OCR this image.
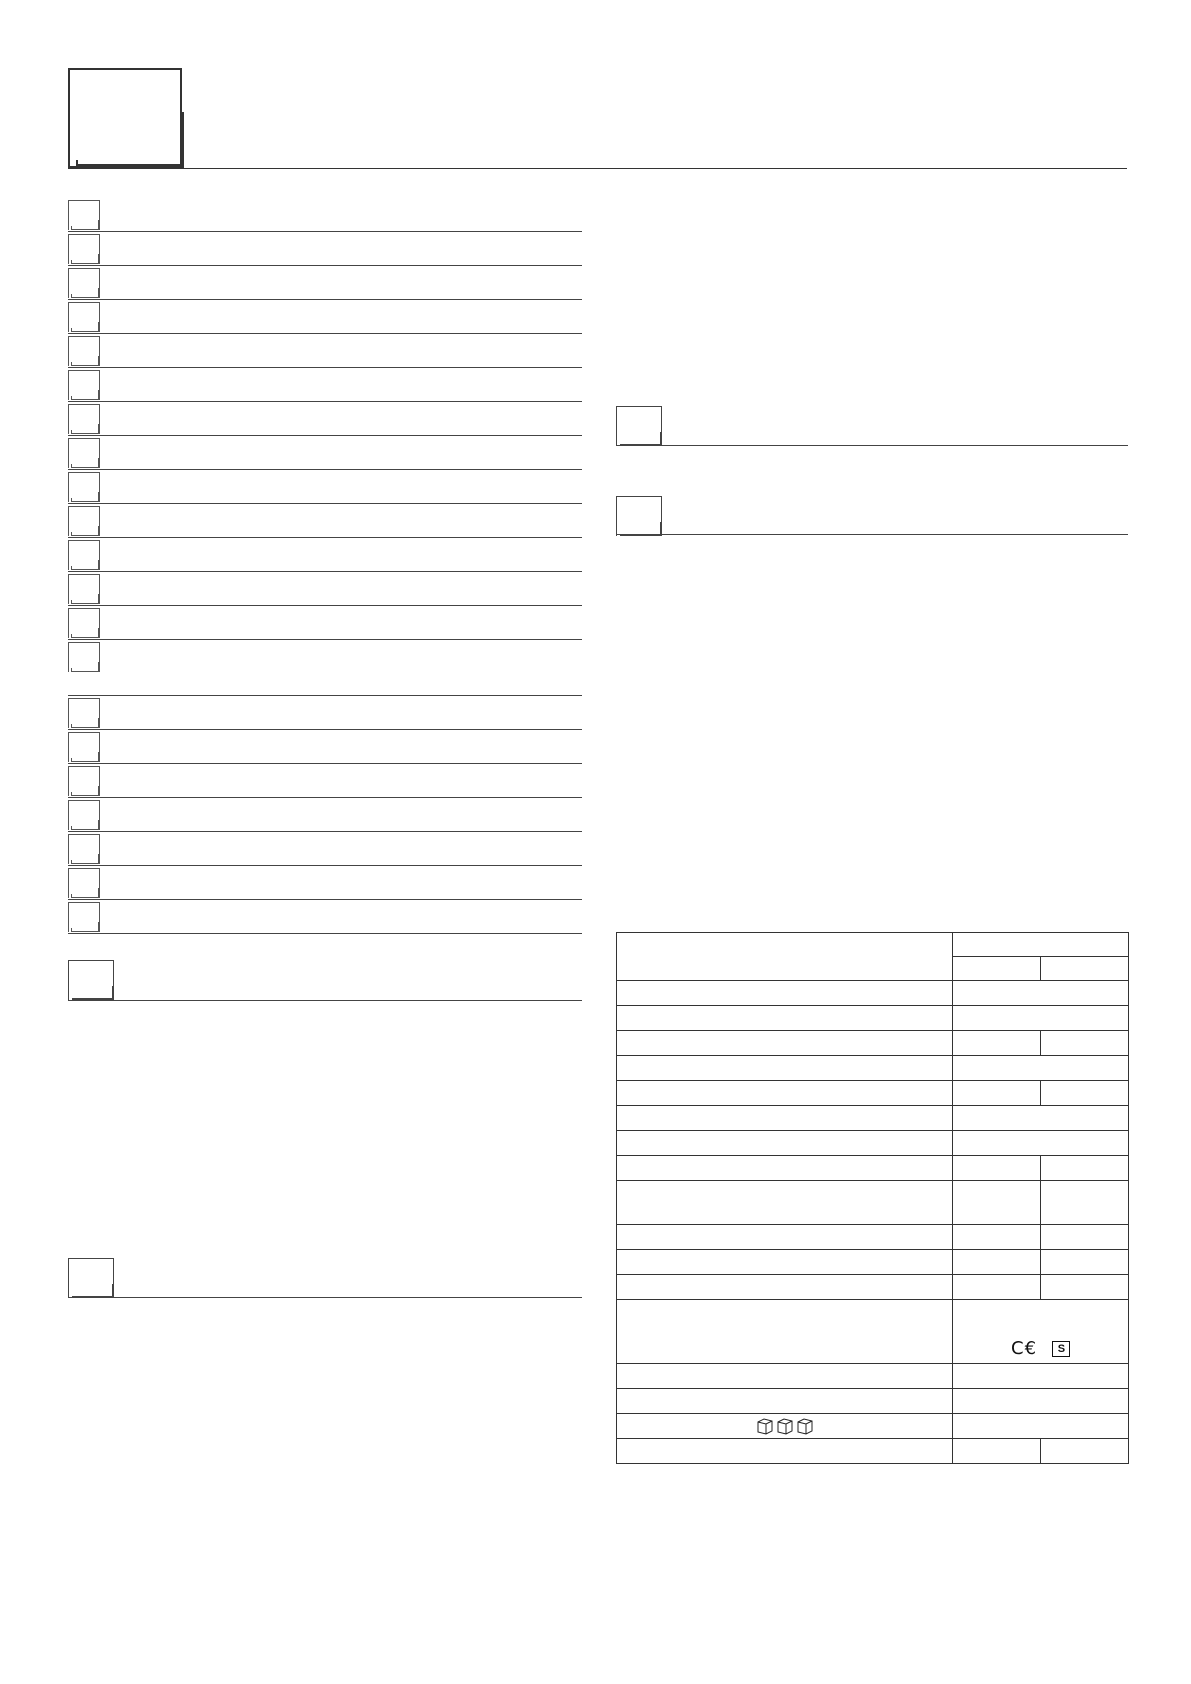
	C€ S	
